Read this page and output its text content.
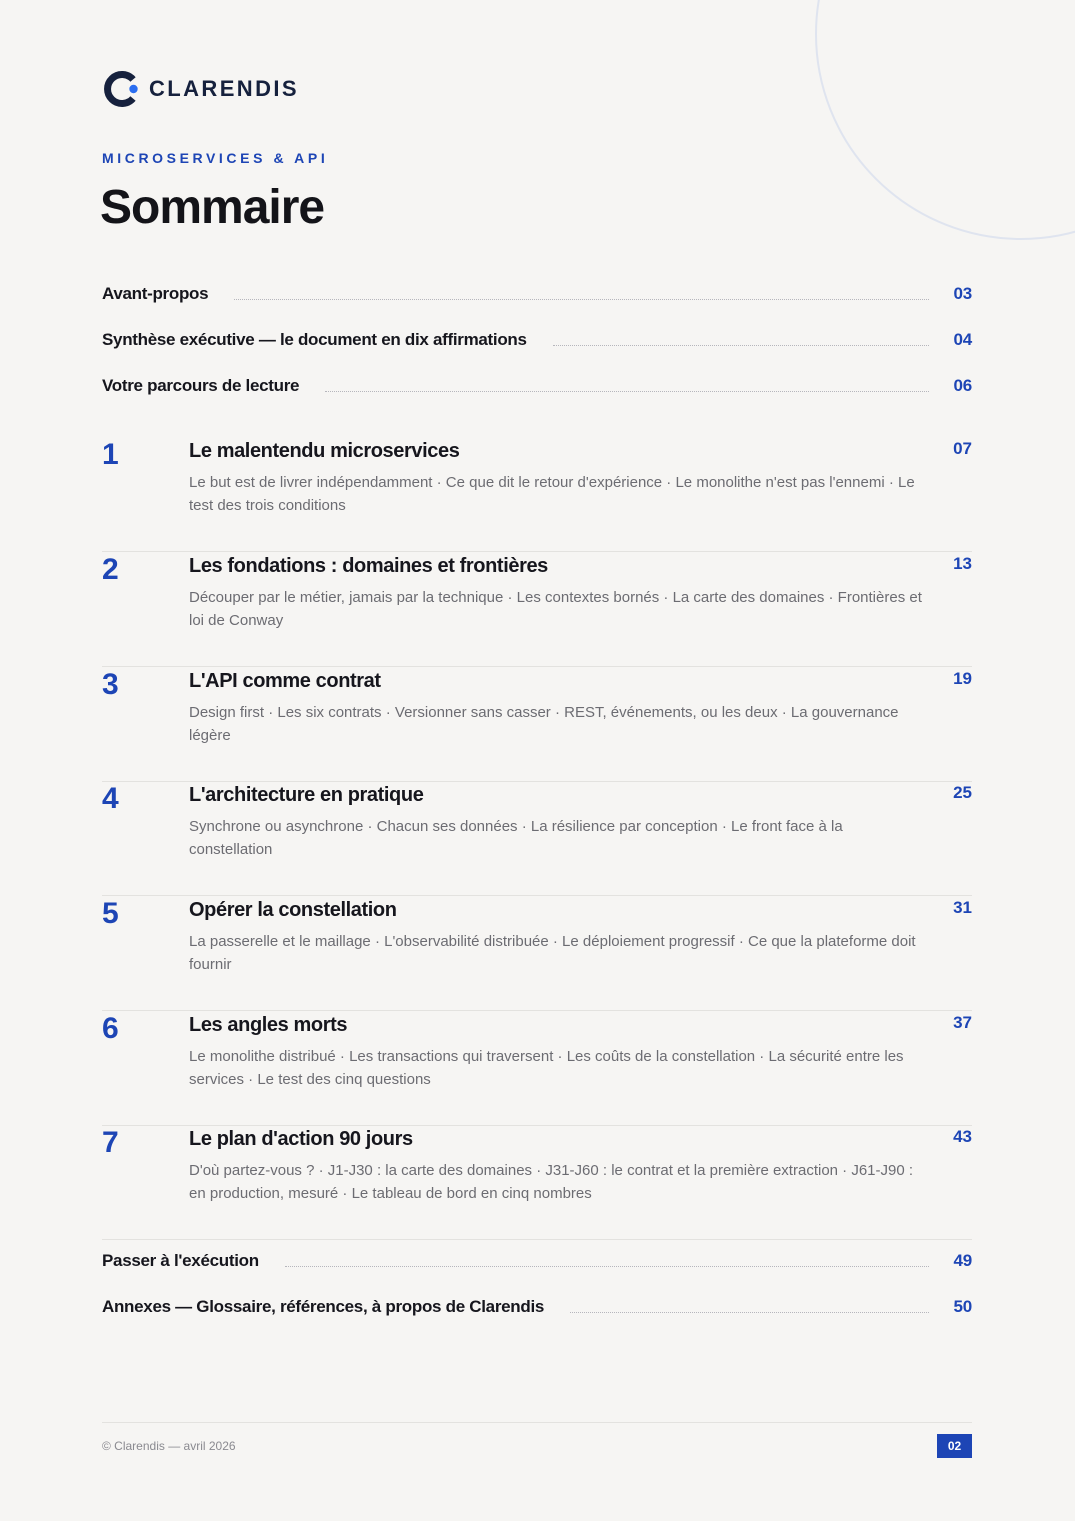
CLARENDIS
MICROSERVICES & API
Sommaire
Avant-propos	03
Synthèse exécutive — le document en dix affirmations	04
Votre parcours de lecture	06
1	Le malentendu microservices	07
Le but est de livrer indépendamment · Ce que dit le retour d'expérience · Le monolithe n'est pas l'ennemi · Le test des trois conditions
2	Les fondations : domaines et frontières	13
Découper par le métier, jamais par la technique · Les contextes bornés · La carte des domaines · Frontières et loi de Conway
3	L'API comme contrat	19
Design first · Les six contrats · Versionner sans casser · REST, événements, ou les deux · La gouvernance légère
4	L'architecture en pratique	25
Synchrone ou asynchrone · Chacun ses données · La résilience par conception · Le front face à la constellation
5	Opérer la constellation	31
La passerelle et le maillage · L'observabilité distribuée · Le déploiement progressif · Ce que la plateforme doit fournir
6	Les angles morts	37
Le monolithe distribué · Les transactions qui traversent · Les coûts de la constellation · La sécurité entre les services · Le test des cinq questions
7	Le plan d'action 90 jours	43
D'où partez-vous ? · J1-J30 : la carte des domaines · J31-J60 : le contrat et la première extraction · J61-J90 : en production, mesuré · Le tableau de bord en cinq nombres
Passer à l'exécution	49
Annexes — Glossaire, références, à propos de Clarendis	50
© Clarendis — avril 2026	02
